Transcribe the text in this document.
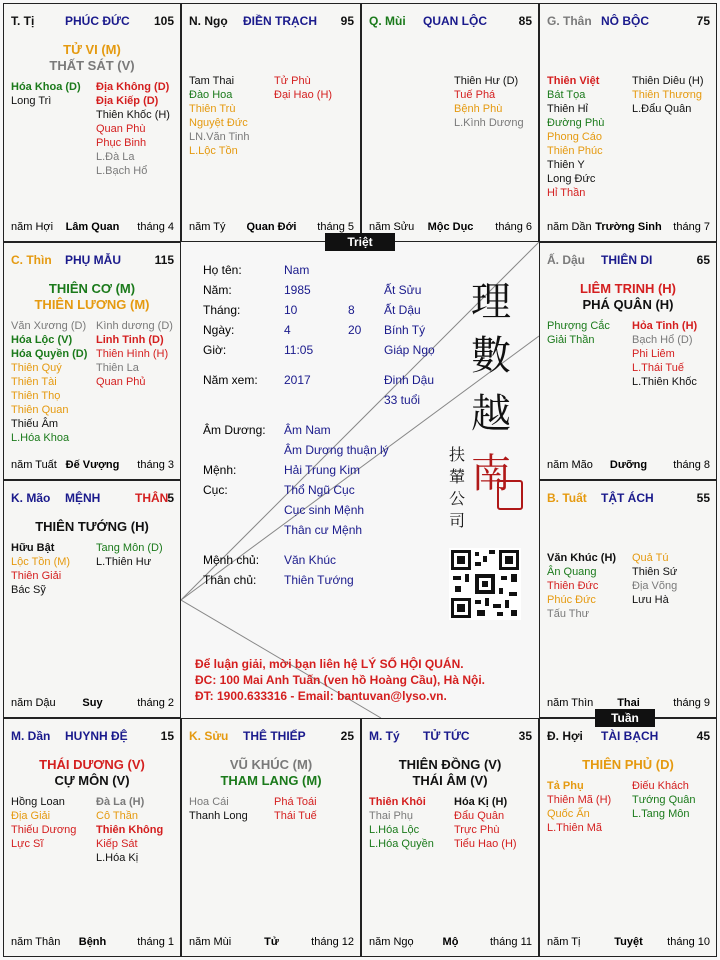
Đ. Hợi TÀI BẠCH	45
THIÊN PHỦ (D)
Tả Phụ
Thiên Mã (H)
Quốc Ấn
L.Thiên Mã
Điếu Khách
Tướng Quân
L.Tang Môn
năm Tị	Tuyệt	tháng 10
M. Tý TỬ TỨC	35
THIÊN ĐỒNG (V)
THÁI ÂM (V)
Thiên Khôi
Thai Phụ
L.Hóa Lộc
L.Hóa Quyền
Hóa Kị (H)
Đẩu Quân
Trực Phù
Tiểu Hao (H)
năm Ngọ	Mộ	tháng 11
K. Sửu THÊ THIẾP	25
VŨ KHÚC (M)
THAM LANG (M)
Hoa Cái
Thanh Long
Phá Toái
Thái Tuế
năm Mùi	Tử	tháng 12
M. Dần HUYNH ĐỆ	15
THÁI DƯƠNG (V)
CỰ MÔN (V)
Hồng Loan
Địa Giải
Thiếu Dương
Lực Sĩ
Đà La (H)
Cô Thần
Thiên Không
Kiếp Sát
L.Hóa Kị
năm Thân	Bệnh	tháng 1
B. Tuất TẬT ÁCH	55
Văn Khúc (H)
Ân Quang
Thiên Đức
Phúc Đức
Tấu Thư
Quả Tú
Thiên Sứ
Địa Võng
Lưu Hà
năm Thìn	Thai	tháng 9
K. Mão MỆNH	THÂN
5
THIÊN TƯỚNG (H)
Hữu Bật
Lộc Tồn (M)
Thiên Giải
Bác Sỹ
Tang Môn (D)
L.Thiên Hư
năm Dậu	Suy	tháng 2
Ấ. Dậu THIÊN DI	65
LIÊM TRINH (H)
PHÁ QUÂN (H)
Phượng Cắc
Giải Thần
Hỏa Tinh (H)
Bạch Hổ (D)
Phi Liêm
L.Thái Tuế
L.Thiên Khốc
năm Mão	Dưỡng	tháng 8
C. Thìn PHỤ MẪU	115
THIÊN CƠ (M)
THIÊN LƯƠNG (M)
Văn Xương (D)
Hóa Lộc (V)
Hóa Quyền (D)
Thiên Quý
Thiên Tài
Thiên Thọ
Thiên Quan
Thiếu Âm
L.Hóa Khoa
Kình dương (D)
Linh Tinh (D)
Thiên Hình (H)
Thiên La
Quan Phủ
năm Tuất Đế Vượng	tháng 3
G. Thân NÔ BỘC	75
Thiên Việt
Bát Tọa
Thiên Hỉ
Đường Phù
Phong Cáo
Thiên Phúc
Thiên Y
Long Đức
Hỉ Thần
Thiên Diêu (H)
Thiên Thương
L.Đẩu Quân
năm Dần Trường Sinh	tháng 7
Q. Mùi QUAN LỘC	85
Thiên Hư (D)
Tuế Phá
Bệnh Phù
L.Kình Dương
năm Sửu	Mộc Dục	tháng 6
N. Ngọ ĐIỀN TRẠCH 95
Tam Thai
Đào Hoa
Thiên Trù
Nguyệt Đức
LN.Văn Tinh
L.Lộc Tồn
Tử Phù
Đại Hao (H)
năm Tý	Quan Đới	tháng 5
T. Tị	PHÚC ĐỨC 105
TỬ VI (M)
THẤT SÁT (V)
Hóa Khoa (D)
Long Trì
Địa Không (D)
Địa Kiếp (D)
Thiên Khốc (H)
Quan Phù
Phục Binh
L.Đà La
L.Bạch Hổ
năm Hợi	Lâm Quan	tháng 4
Họ tên:	Nam
Năm:	1985	Ất Sửu
Tháng:	10	8 Ất Dậu
Ngày:	4	20 Bính Tý
Giờ:	11:05	Giáp Ngọ
Năm xem: 2017	Đinh Dậu
33 tuổi
Âm Dương: Âm Nam
Âm Dương thuận lý
Mệnh:	Hải Trung Kim
Cục:	Thổ Ngũ Cục
Cục sinh Mệnh
Thân cư Mệnh
Mệnh chủ: Văn Khúc
Thân chủ: Thiên Tướng
理
數
越
南
扶
輦
公
司
Để luận giải, mời bạn liên hệ LÝ SỐ HỘI QUÁN.
ĐC: 100 Mai Anh Tuấn (ven hồ Hoàng Cầu), Hà Nội.
ĐT: 1900.633316 - Email: bantuvan@lyso.vn.
Triệt
Tuần
